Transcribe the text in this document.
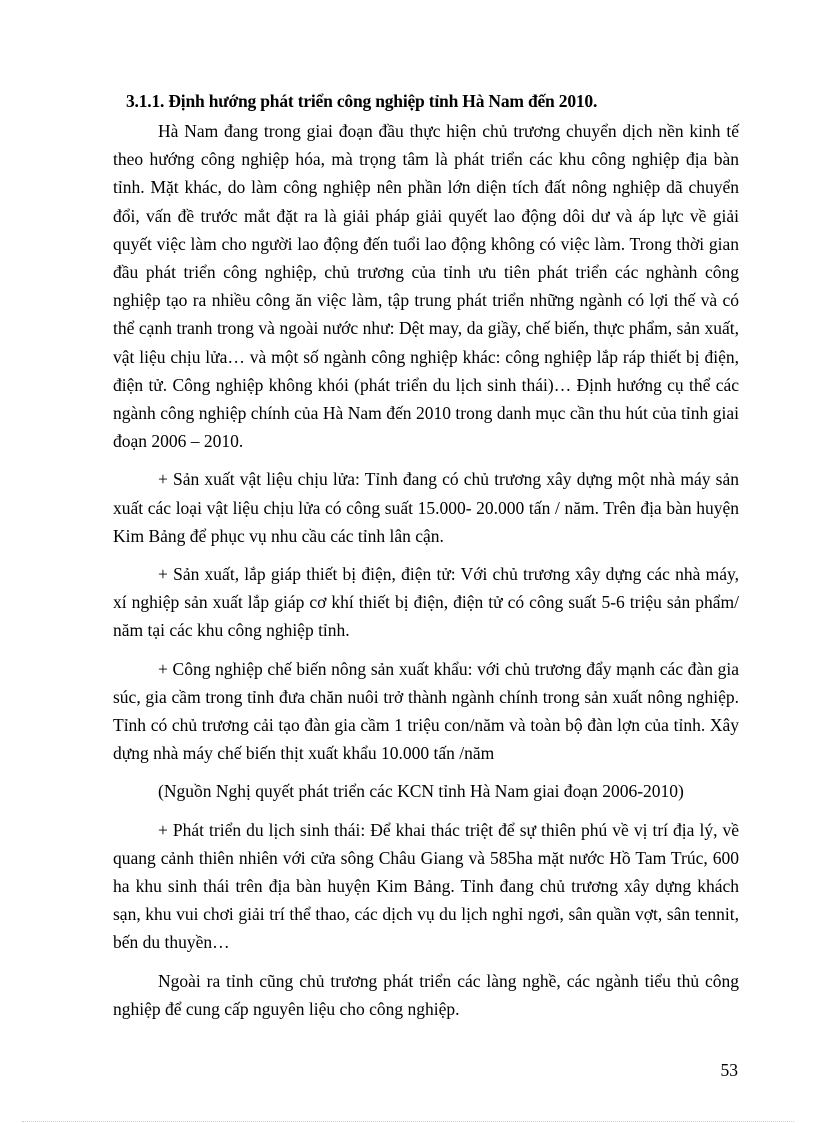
3.1.1. Định hướng phát triển công nghiệp tỉnh Hà Nam đến 2010.

Hà Nam đang trong giai đoạn đầu thực hiện chủ trương chuyển dịch nền kinh tế theo hướng công nghiệp hóa, mà trọng tâm là phát triển các khu công nghiệp địa bàn tỉnh. Mặt khác, do làm công nghiệp nên phần lớn diện tích đất nông nghiệp dã chuyển đổi, vấn đề trước mắt đặt ra là giải pháp giải quyết lao động dôi dư và áp lực về giải quyết việc làm cho người lao động đến tuổi lao động không có việc làm. Trong thời gian đầu phát triển công nghiệp, chủ trương của tỉnh ưu tiên phát triển các nghành công nghiệp tạo ra nhiều công ăn việc làm, tập trung phát triển những ngành có lợi thế và có thể cạnh tranh trong và ngoài nước như: Dệt may, da giầy, chế biến, thực phẩm, sản xuất, vật liệu chịu lửa… và một số ngành công nghiệp khác: công nghiệp lắp ráp thiết bị điện, điện tử. Công nghiệp không khói (phát triển du lịch sinh thái)… Định hướng cụ thể các ngành công nghiệp chính của Hà Nam đến 2010 trong danh mục cần thu hút của tỉnh giai đoạn 2006 – 2010.

+ Sản xuất vật liệu chịu lửa: Tỉnh đang có chủ trương xây dựng một nhà máy sản xuất các loại vật liệu chịu lửa có công suất 15.000- 20.000 tấn / năm. Trên địa bàn huyện Kim Bảng để phục vụ nhu cầu các tỉnh lân cận.

+ Sản xuất, lắp giáp thiết bị điện, điện tử: Với chủ trương xây dựng các nhà máy, xí nghiệp sản xuất lắp giáp cơ khí thiết bị điện, điện tử có công suất 5-6 triệu sản phẩm/ năm tại các khu công nghiệp tỉnh.

+ Công nghiệp chế biến nông sản xuất khẩu: với chủ trương đẩy mạnh các đàn gia súc, gia cầm trong tỉnh đưa chăn nuôi trở thành ngành chính trong sản xuất nông nghiệp. Tỉnh có chủ trương cải tạo đàn gia cầm 1 triệu con/năm và toàn bộ đàn lợn của tỉnh. Xây dựng nhà máy chế biến thịt xuất khẩu 10.000 tấn /năm

(Nguồn Nghị quyết phát triển các KCN tỉnh Hà Nam giai đoạn 2006-2010)

+ Phát triển du lịch sinh thái: Để khai thác triệt để sự thiên phú về vị trí địa lý, về quang cảnh thiên nhiên với cửa sông Châu Giang và 585ha mặt nước Hồ Tam Trúc, 600 ha khu sinh thái trên địa bàn huyện Kim Bảng. Tỉnh đang chủ trương xây dựng khách sạn, khu vui chơi giải trí thể thao, các dịch vụ du lịch nghỉ ngơi, sân quần vợt, sân tennit, bến du thuyền…

Ngoài ra tỉnh cũng chủ trương phát triển các làng nghề, các ngành tiểu thủ công nghiệp để cung cấp nguyên liệu cho công nghiệp.

53
